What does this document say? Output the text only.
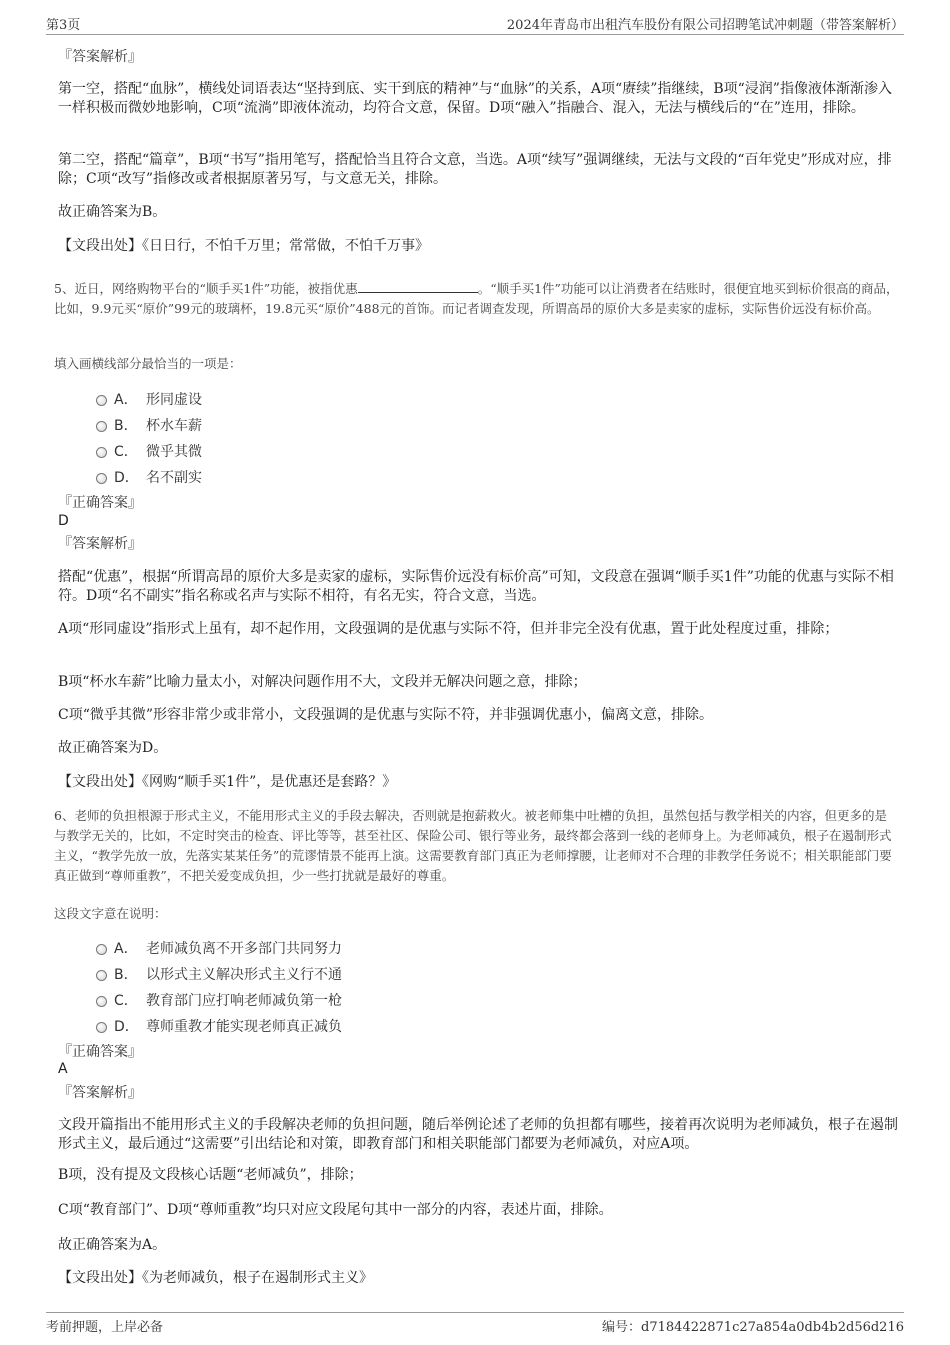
第3页	2024年青岛市出租汽车股份有限公司招聘笔试冲刺题（带答案解析）
『答案解析』
第一空，搭配“血脉”，横线处词语表达“坚持到底、实干到底的精神”与“血脉”的关系，A项“赓续”指继续，B项“浸润”指像液体渐渐渗入一样积极而微妙地影响，C项“流淌”即液体流动，均符合文意，保留。D项“融入”指融合、混入，无法与横线后的“在”连用，排除。
第二空，搭配“篇章”，B项“书写”指用笔写，搭配恰当且符合文意，当选。A项“续写”强调继续，无法与文段的“百年党史”形成对应，排除；C项“改写”指修改或者根据原著另写，与文意无关，排除。
故正确答案为B。
【文段出处】《日日行，不怕千万里；常常做，不怕千万事》
5、近日，网络购物平台的“顺手买1件”功能，被指优惠	。“顺手买1件”功能可以让消费者在结账时，很便宜地买到标价很高的商品，比如，9.9元买“原价”99元的玻璃杯，19.8元买“原价”488元的首饰。而记者调查发现，所谓高昂的原价大多是卖家的虚标，实际售价远没有标价高。
填入画横线部分最恰当的一项是：
A． 形同虚设
B． 杯水车薪
C． 微乎其微
D． 名不副实
『正确答案』
D
『答案解析』
搭配“优惠”，根据“所谓高昂的原价大多是卖家的虚标，实际售价远没有标价高”可知，文段意在强调“顺手买1件”功能的优惠与实际不相符。D项“名不副实”指名称或名声与实际不相符，有名无实，符合文意，当选。
A项“形同虚设”指形式上虽有，却不起作用，文段强调的是优惠与实际不符，但并非完全没有优惠，置于此处程度过重，排除；
B项“杯水车薪”比喻力量太小，对解决问题作用不大，文段并无解决问题之意，排除；
C项“微乎其微”形容非常少或非常小，文段强调的是优惠与实际不符，并非强调优惠小，偏离文意，排除。
故正确答案为D。
【文段出处】《网购“顺手买1件”，是优惠还是套路？》
6、老师的负担根源于形式主义，不能用形式主义的手段去解决，否则就是抱薪救火。被老师集中吐槽的负担，虽然包括与教学相关的内容，但更多的是与教学无关的，比如，不定时突击的检查、评比等等，甚至社区、保险公司、银行等业务，最终都会落到一线的老师身上。为老师减负，根子在遏制形式主义，“教学先放一放，先落实某某任务”的荒谬情景不能再上演。这需要教育部门真正为老师撑腰，让老师对不合理的非教学任务说不；相关职能部门要真正做到“尊师重教”，不把关爱变成负担，少一些打扰就是最好的尊重。
这段文字意在说明：
A． 老师减负离不开多部门共同努力
B． 以形式主义解决形式主义行不通
C． 教育部门应打响老师减负第一枪
D． 尊师重教才能实现老师真正减负
『正确答案』
A
『答案解析』
文段开篇指出不能用形式主义的手段解决老师的负担问题，随后举例论述了老师的负担都有哪些，接着再次说明为老师减负，根子在遏制形式主义，最后通过“这需要”引出结论和对策，即教育部门和相关职能部门都要为老师减负，对应A项。
B项，没有提及文段核心话题“老师减负”，排除；
C项“教育部门”、D项“尊师重教”均只对应文段尾句其中一部分的内容，表述片面，排除。
故正确答案为A。
【文段出处】《为老师减负，根子在遏制形式主义》
考前押题，上岸必备	编号：d7184422871c27a854a0db4b2d56d216
